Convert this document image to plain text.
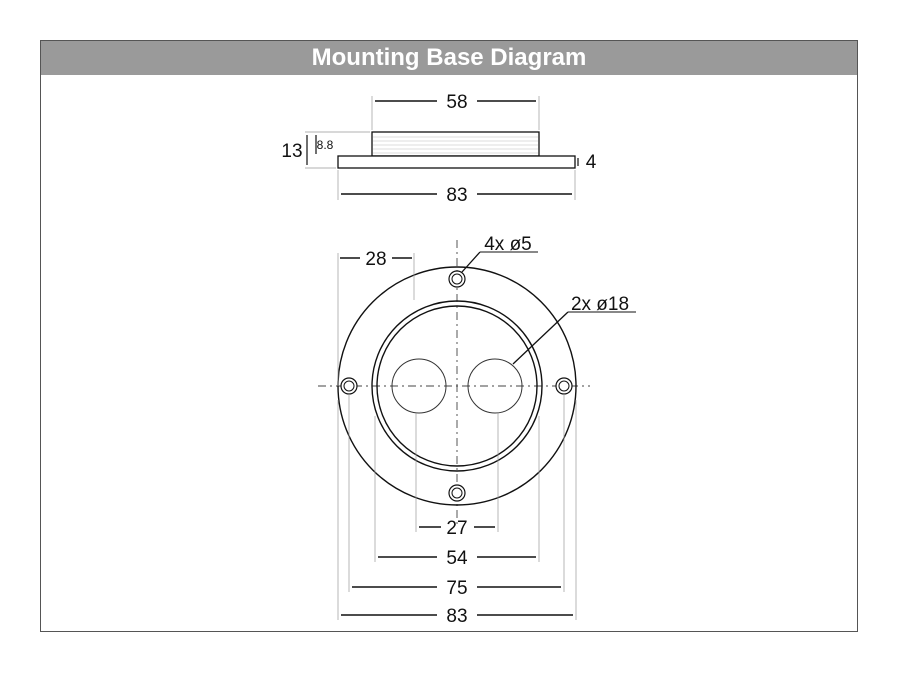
Mounting Base Diagram
58
13 8.8
4
83
28
4x ø5
2x ø18
27
54
75
83
